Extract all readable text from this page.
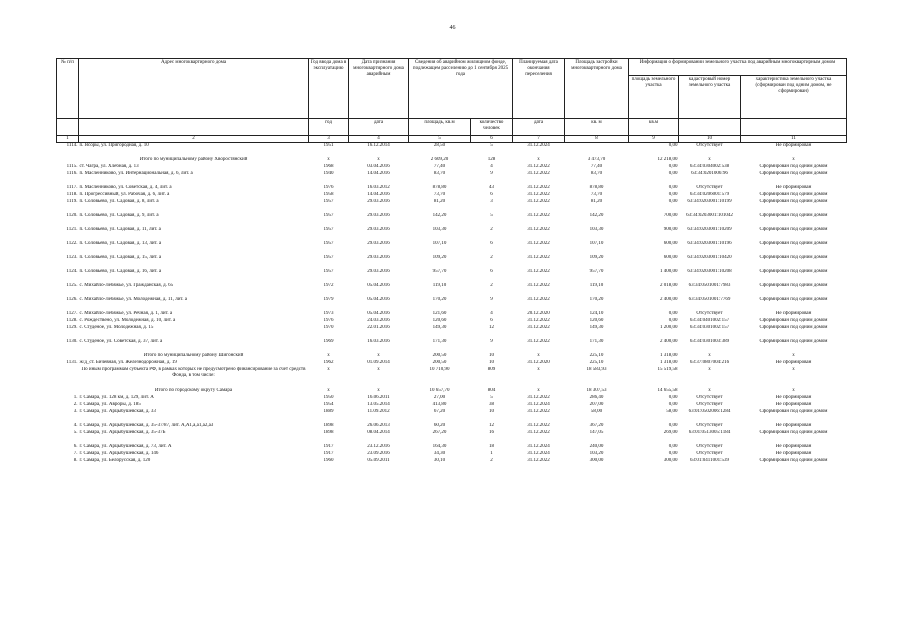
46
№ п/п	Адрес многоквартирного дома	Год ввода дома в эксплуатацию	Дата признания многоквартирного дома аварийным	Сведения об аварийном жилищном фонде, подлежащем расселению до 1 сентября 2025 года		Планируемая дата окончания переселения	Площадь застройки многоквартирного дома	Информация о формировании земельного участка под аварийным многоквартирным домом		
								площадь земельного участка	кадастровый номер земельного участка	характеристика земельного участка (сформирован под одним домом, не сформирован)
		год	дата	площадь, кв.м	количество человек	дата	кв. м	кв.м		
1	2	3	4	5	6	7	8	9	10	11
1114.	п. Ясоры, ул. Пригородная, д. 10	1951	16.12.2014	28,50	5	31.12.2024		0,00	Отсутствует	Не сформирован

	Итого по муниципальному району Хворостянский	х	х	2 609,20	128	х	3 473,70	12 218,00	х	х
1115.	ст. Чагра, ул. Хлебная, д. 13	1968	03.04.2016	77,40	4	31.12.2022	77,40	0,00	63:34:0304002:538	Сформирован под одним домом
1116.	п. Масленниково, ул. Интернациональная, д. 6, лит. а	1940	14.04.2016	83,70	9	31.12.2022	83,70	0,00	63:34:0201006:96	Сформирован под одним домом
1117.	п. Масленниково, ул. Советская, д. 4, лит. а	1976	16.03.2012	878,80	43	31.12.2022	878,80	0,00	Отсутствует	Не сформирован
1118.	п. Прогрессивный, ул. Рабочая, д. 6, лит. а	1958	14.04.2016	73,70	6	31.12.2022	73,70	0,00	63:34:0206001:579	Сформирован под одним домом
1119.	п. Соловьево, ул. Садовая, д. 8, лит. а	1957	29.03.2016	81,20	3	31.12.2022	81,20	0,00	63:34:0203001:10199	Сформирован под одним домом
1120.	п. Соловьево, ул. Садовая, д. 9, лит. а	1957	29.03.2016	142,20	5	31.12.2022	142,20	700,00	63:34:0203001:101042	Сформирован под одним домом
1121.	п. Соловьево, ул. Садовая, д. 11, лит. а	1957	29.03.2016	103,30	2	31.12.2022	103,30	900,00	63:34:0203001:10209	Сформирован под одним домом
1122.	п. Соловьево, ул. Садовая, д. 13, лит. а	1957	29.03.2016	107,10	6	31.12.2022	107,10	600,00	63:34:0203001:10196	Сформирован под одним домом
1123.	п. Соловьево, ул. Садовая, д. 15, лит. а	1957	29.03.2016	109,20	2	31.12.2022	109,20	600,00	63:34:0203001:10420	Сформирован под одним домом
1124.	п. Соловьево, ул. Садовая, д. 16, лит. а	1957	29.03.2016	957,70	6	31.12.2022	957,70	1 400,00	63:34:0203001:10208	Сформирован под одним домом
1125.	с. Михайло-Лебяжье, ул. Гражданская, д. 65	1972	05.04.2016	119,10	2	31.12.2022	119,10	2 018,00	63:34:0501001:7983	Сформирован под одним домом
1126.	с. Михайло-Лебяжье, ул. Молодежная, д. 11, лит. а	1979	05.04.2016	170,20	9	31.12.2022	170,20	2 400,00	63:34:0501001:7769	Сформирован под одним домом
1127.	с. Михайло-Лебяжье, ул. Речная, д. 1, лит. а	1973	05.04.2016	121,60	4	20.12.2020	124,10	0,00	Отсутствует	Не сформирован
1128.	с. Рождествено, ул. Молодежная, д. 10, лит. а	1976	24.03.2016	120,60	6	31.12.2022	120,60	0,00	63:34:0401002:157	Сформирован под одним домом
1129.	с. Студеное, ул. Молодежная, д. 15	1970	22.01.2016	149,30	12	31.12.2022	149,30	1 200,00	63:34:0301002:157	Сформирован под одним домом
1130.	с. Студеное, ул. Советская, д. 37, лит. а	1969	16.03.2016	171,30	9	31.12.2022	171,30	2 400,00	63:34:0301003:389	Сформирован под одним домом
	Итого по муниципальному району Шигонский	х	х	200,50	10	х	225,10	1 318,00	х	х
1131.	ж/д_ст. Бичевная, ул. Железнодорожная, д. 19	1962	01.09.2014	200,50	10	31.12.2020	225,10	1 318,00	63:37:0807004:216	Не сформирован
	По иным программам субъекта РФ, в рамках которых не предусмотрено финансирование за счет средств Фонда, в том числе:	х	х	10 710,90	809	х	18 583,93	15 519,58	х	х

	Итого по городскому округу Самара	х	х	10 657,70	804	х	18 307,53	14 655,58	х	х
1.	г. Самара, ул. 128 км, д. 129, лит. А	1950	16.06.2011	27,00	5	31.12.2022	286,40	0,00	Отсутствует	Не сформирован
2.	г. Самара, ул. Авроры, д. 185	1954	13.05.2014	413,80	38	31.12.2024	207,00	0,00	Отсутствует	Не сформирован
3.	г. Самара, ул. Арцыбушевская, д. 33	1889	11.09.2012	67,20	10	31.12.2022	58,00	58,00	63:01:0502006:1284	Сформирован под одним домом

4.	г. Самара, ул. Арцыбушевская, д. 35-37/87, лит. А,А1,а,а1,а2,а3	1898	26.06.2013	60,20	12	31.12.2022	367,20	0,00	Отсутствует	Не сформирован
5.	г. Самара, ул. Арцыбушевская, д. 35-37Б	1898	08.04.2014	267,20	16	31.12.2022	147,05	269,00	63:01:0513005:1184	Сформирован под одним домом

6.	г. Самара, ул. Арцыбушевская, д. 73, лит. А	1917	23.12.2016	164,30	18	31.12.2024	240,00	0,00	Отсутствует	Не сформирован
7.	г. Самара, ул. Арцыбушевская, д. 146	1917	23.09.2016	34,30	1	31.12.2024	103,20	0,00	Отсутствует	Не сформирован
8.	г. Самара, ул. Белорусская, д. 120	1960	05.09.2011	30,10	2	31.12.2022	300,00	300,00	63:01:0411001:539	Сформирован под одним домом
